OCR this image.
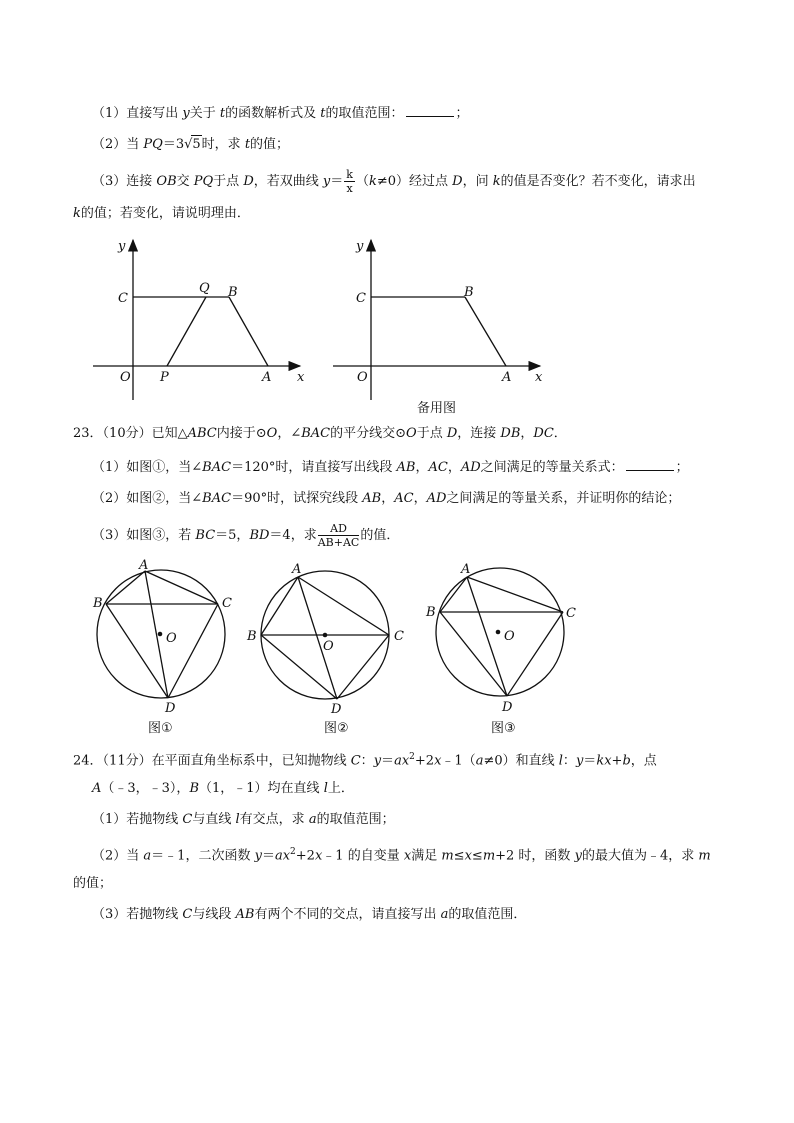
（1）直接写出 y关于 t的函数解析式及 t的取值范围：	；
（2）当 PQ＝3√5时，求 t的值；
（3）连接 OB交 PQ于点 D，若双曲线 $y= \frac{k}{x} (k\ne 0)$经过点 D，问 k的值是否变化？若不变化，请求出
k的值；若变化，请说明理由．
y
x
C
Q B
O P	A
y
x
C	B
O	A
备用图
A
B	C
O
D
图①
A
B	C
O
D
图②
A
B	C
O
D
图③
23．（10分）已知△ABC内接于⊙O，∠BAC的平分线交⊙O于点 D，连接 DB，DC．
（1）如图①，当∠BAC＝120°时，请直接写出线段 AB，AC，AD之间满足的等量关系式：	；
（2）如图②，当∠BAC＝90°时，试探究线段 AB，AC，AD之间满足的等量关系，并证明你的结论；
（3）如图③，若 BC＝5，BD＝4，求 $\frac{AD}{AB+AC}$ 的值．
24．（11分）在平面直角坐标系中，已知抛物线 C：$y=ax^2+2x﹣1(a\ne 0)$和直线 l：y＝kx+b，点
A（﹣3，﹣3），B（1，﹣1）均在直线 l上．
（1）若抛物线 C与直线 l有交点，求 a的取值范围；
（2）当 a＝﹣1，二次函数 $y=ax^2+2x﹣1$ 的自变量 x满足 m≤x≤m+2 时，函数 y的最大值为﹣4，求 m
的值；
（3）若抛物线 C与线段 AB有两个不同的交点，请直接写出 a的取值范围．
